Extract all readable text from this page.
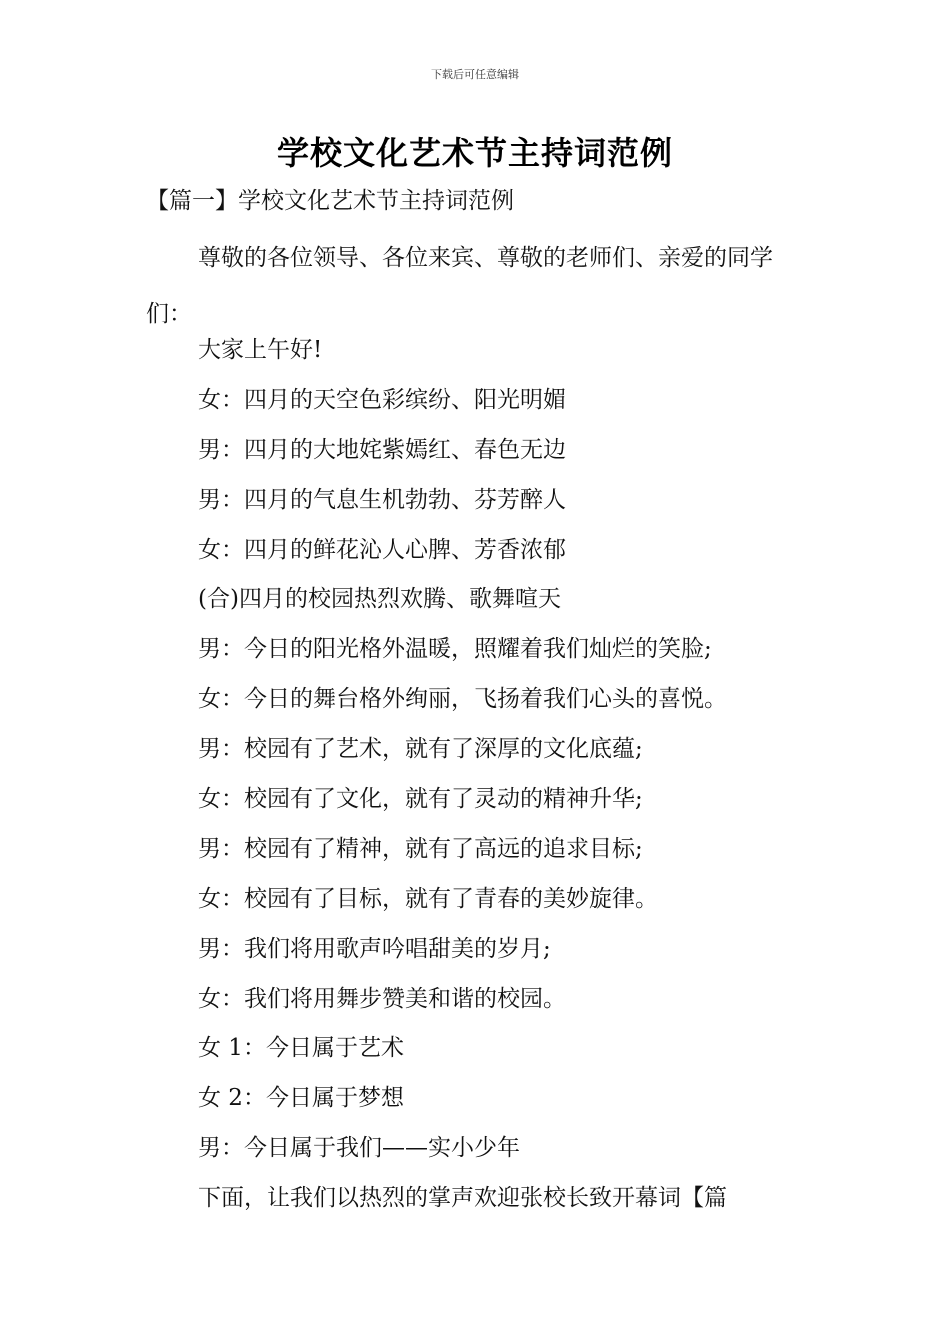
下载后可任意编辑
学校文化艺术节主持词范例
【篇一】学校文化艺术节主持词范例
尊敬的各位领导、各位来宾、尊敬的老师们、亲爱的同学们：
大家上午好!
女：四月的天空色彩缤纷、阳光明媚
男：四月的大地姹紫嫣红、春色无边
男：四月的气息生机勃勃、芬芳醉人
女：四月的鲜花沁人心脾、芳香浓郁
(合)四月的校园热烈欢腾、歌舞喧天
男：今日的阳光格外温暖，照耀着我们灿烂的笑脸;
女：今日的舞台格外绚丽，飞扬着我们心头的喜悦。
男：校园有了艺术，就有了深厚的文化底蕴;
女：校园有了文化，就有了灵动的精神升华;
男：校园有了精神，就有了高远的追求目标;
女：校园有了目标，就有了青春的美妙旋律。
男：我们将用歌声吟唱甜美的岁月;
女：我们将用舞步赞美和谐的校园。
女 1：今日属于艺术
女 2：今日属于梦想
男：今日属于我们——实小少年
下面，让我们以热烈的掌声欢迎张校长致开幕词【篇
